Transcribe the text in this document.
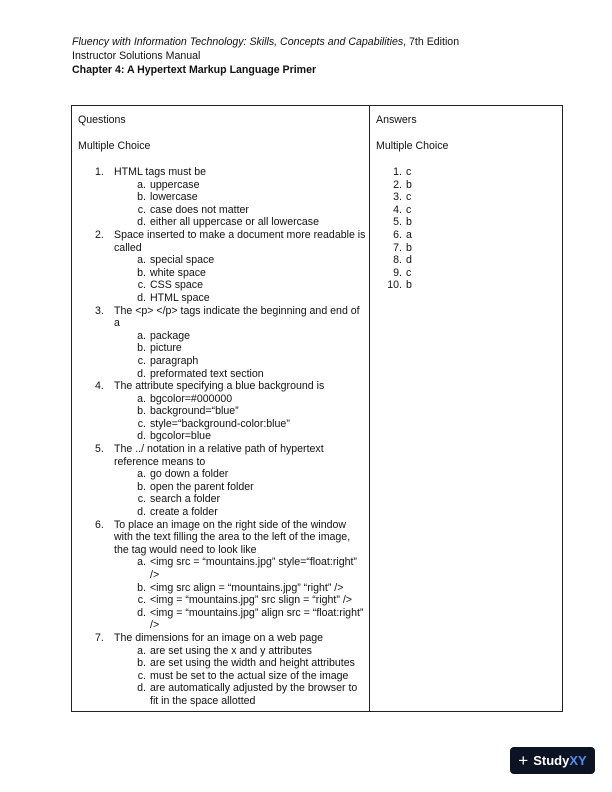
Fluency with Information Technology: Skills, Concepts and Capabilities, 7th Edition
Instructor Solutions Manual
Chapter 4: A Hypertext Markup Language Primer
Questions
Multiple Choice
1. HTML tags must be
a. uppercase
b. lowercase
c. case does not matter
d. either all uppercase or all lowercase
2. Space inserted to make a document more readable is called
a. special space
b. white space
c. CSS space
d. HTML space
3. The <p> </p> tags indicate the beginning and end of a
a. package
b. picture
c. paragraph
d. preformated text section
4. The attribute specifying a blue background is
a. bgcolor=#000000
b. background=“blue”
c. style=“background-color:blue”
d. bgcolor=blue
5. The ../ notation in a relative path of hypertext reference means to
a. go down a folder
b. open the parent folder
c. search a folder
d. create a folder
6. To place an image on the right side of the window with the text filling the area to the left of the image, the tag would need to look like
a. <img src = “mountains.jpg” style=“float:right” />
b. <img src align = “mountains.jpg” “right” />
c. <img = “mountains.jpg” src slign = “right” />
d. <img = “mountains.jpg” align src = “float:right” />
7. The dimensions for an image on a web page
a. are set using the x and y attributes
b. are set using the width and height attributes
c. must be set to the actual size of the image
d. are automatically adjusted by the browser to fit in the space allotted
Answers
Multiple Choice
1. c
2. b
3. c
4. c
5. b
6. a
7. b
8. d
9. c
10. b
+ Study XY
